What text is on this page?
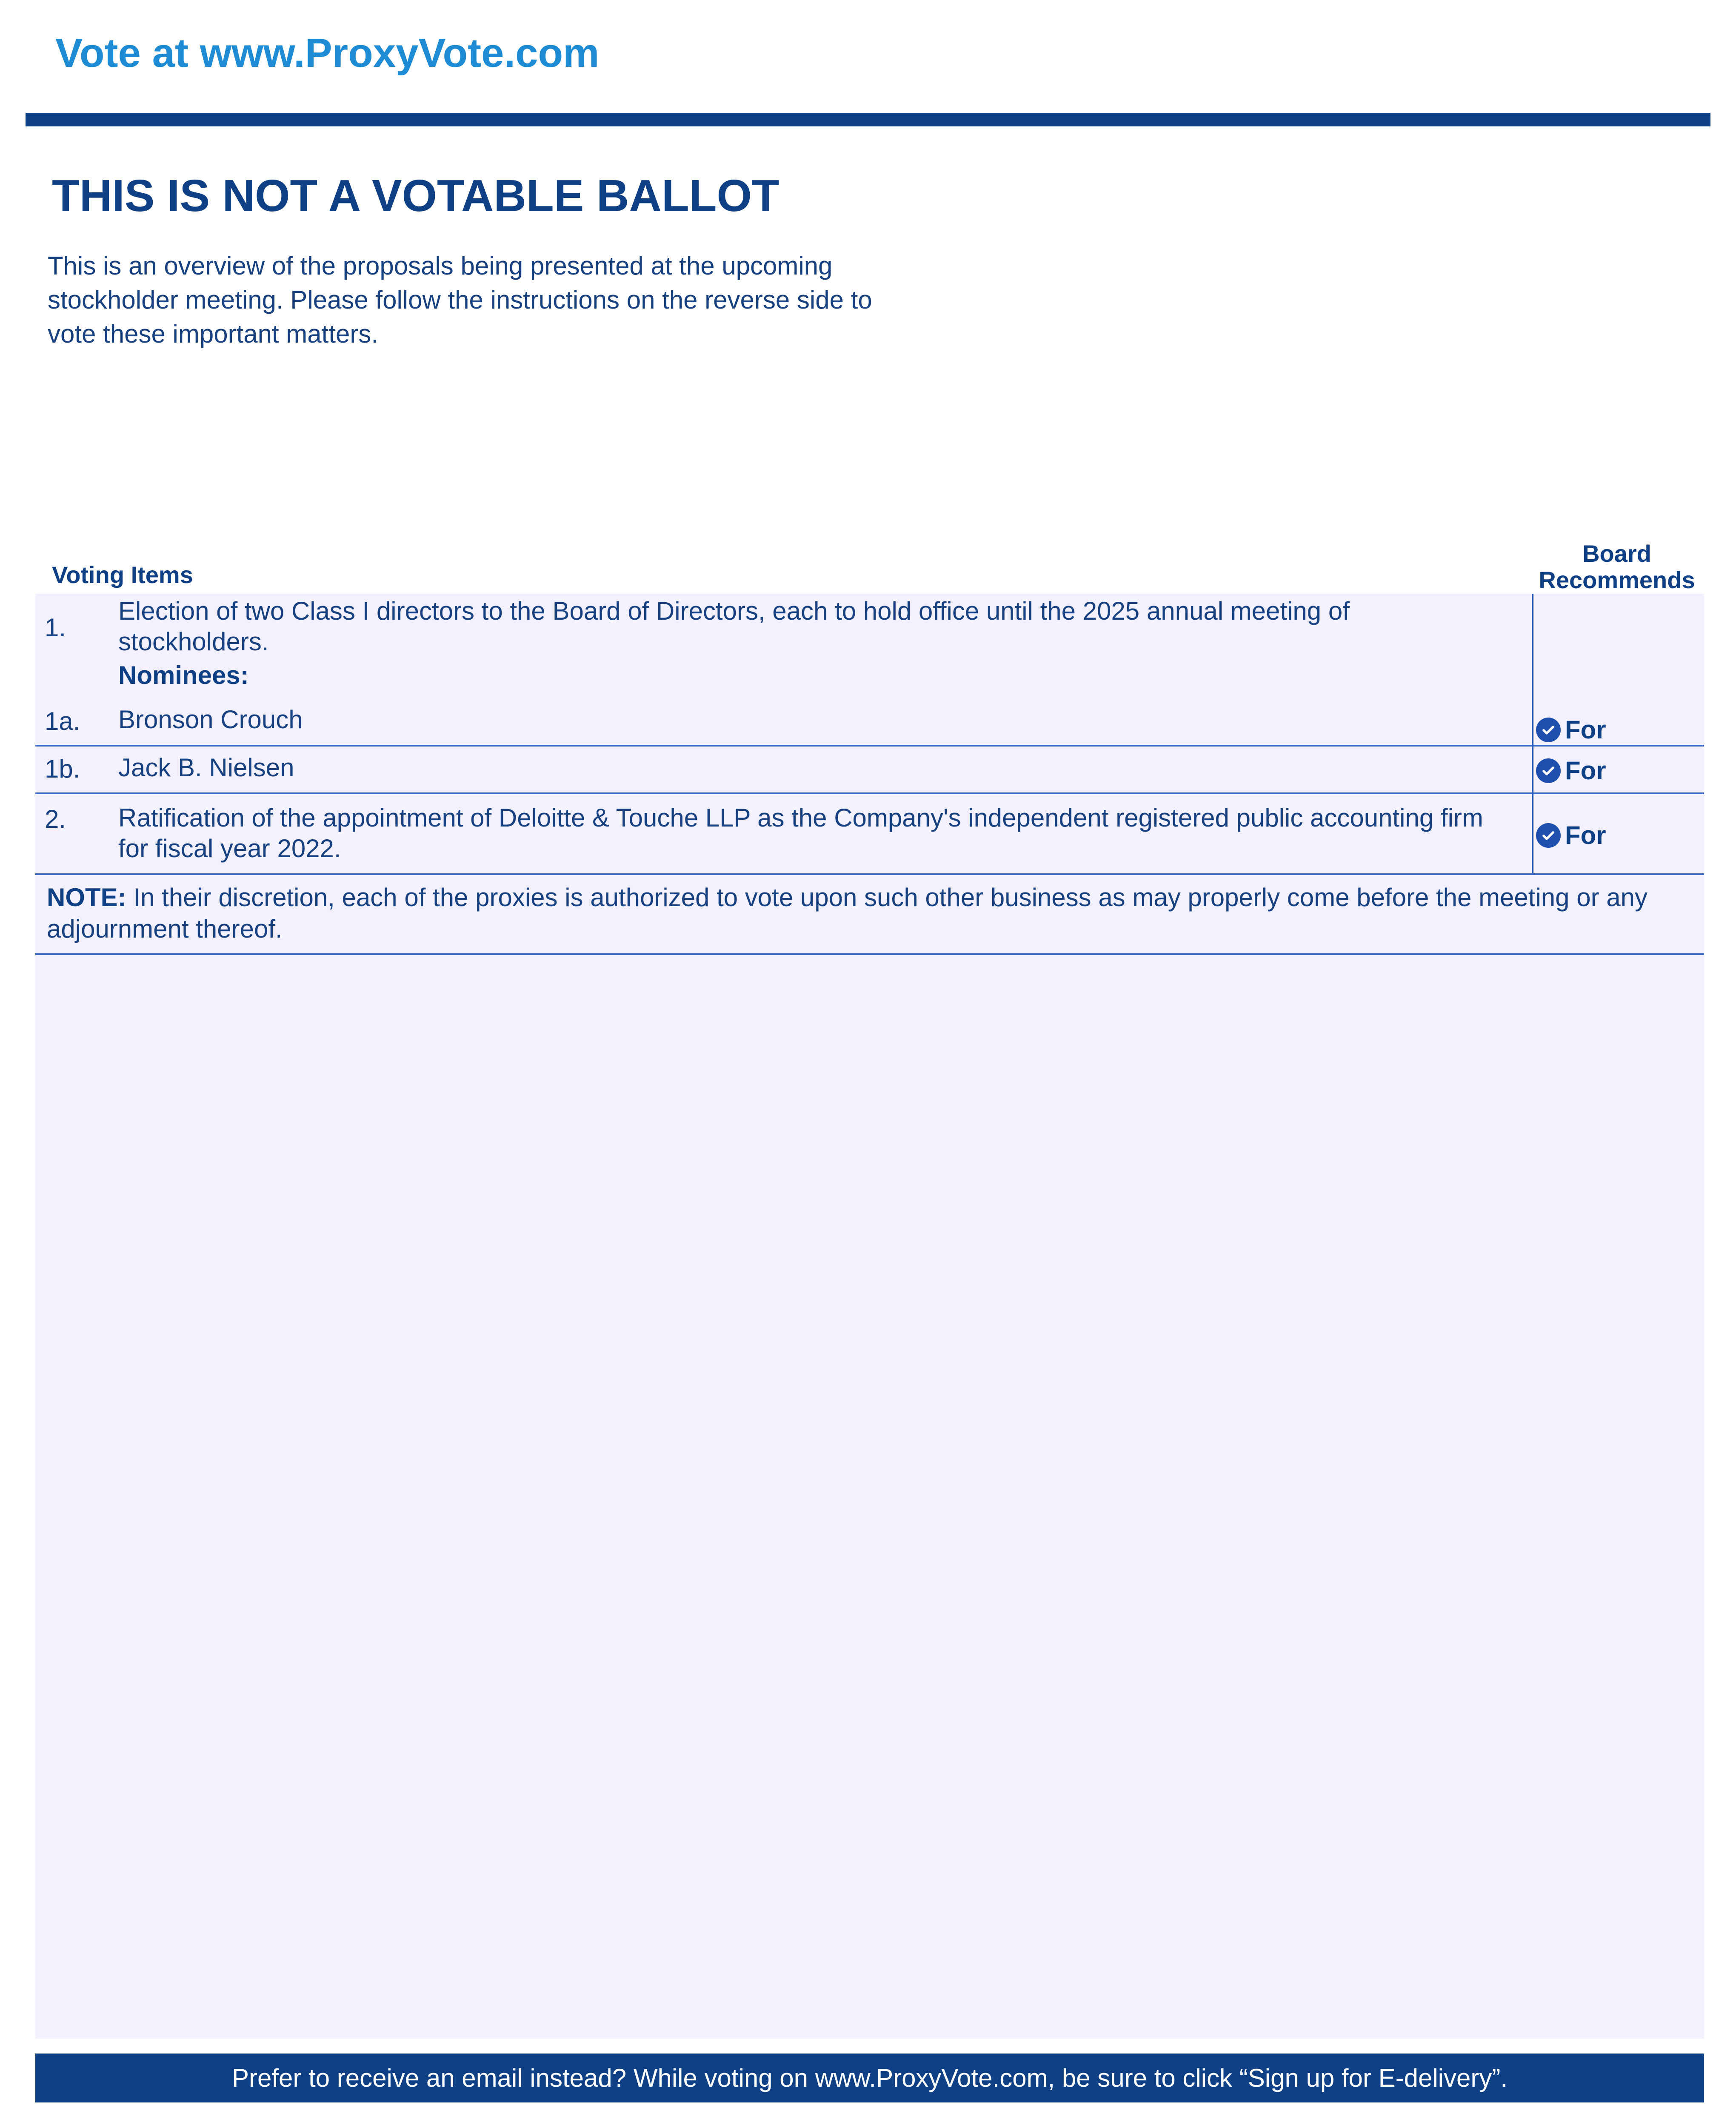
Vote at www.ProxyVote.com
THIS IS NOT A VOTABLE BALLOT
This is an overview of the proposals being presented at the upcoming stockholder meeting. Please follow the instructions on the reverse side to vote these important matters.
Voting Items
Board Recommends
1.
Election of two Class I directors to the Board of Directors, each to hold office until the 2025 annual meeting of stockholders.
Nominees:
1a. Bronson Crouch	For
1b. Jack B. Nielsen	For
2. Ratification of the appointment of Deloitte & Touche LLP as the Company's independent registered public accounting firm for fiscal year 2022.	For
NOTE: In their discretion, each of the proxies is authorized to vote upon such other business as may properly come before the meeting or any adjournment thereof.
Prefer to receive an email instead? While voting on www.ProxyVote.com, be sure to click “Sign up for E-delivery”.
